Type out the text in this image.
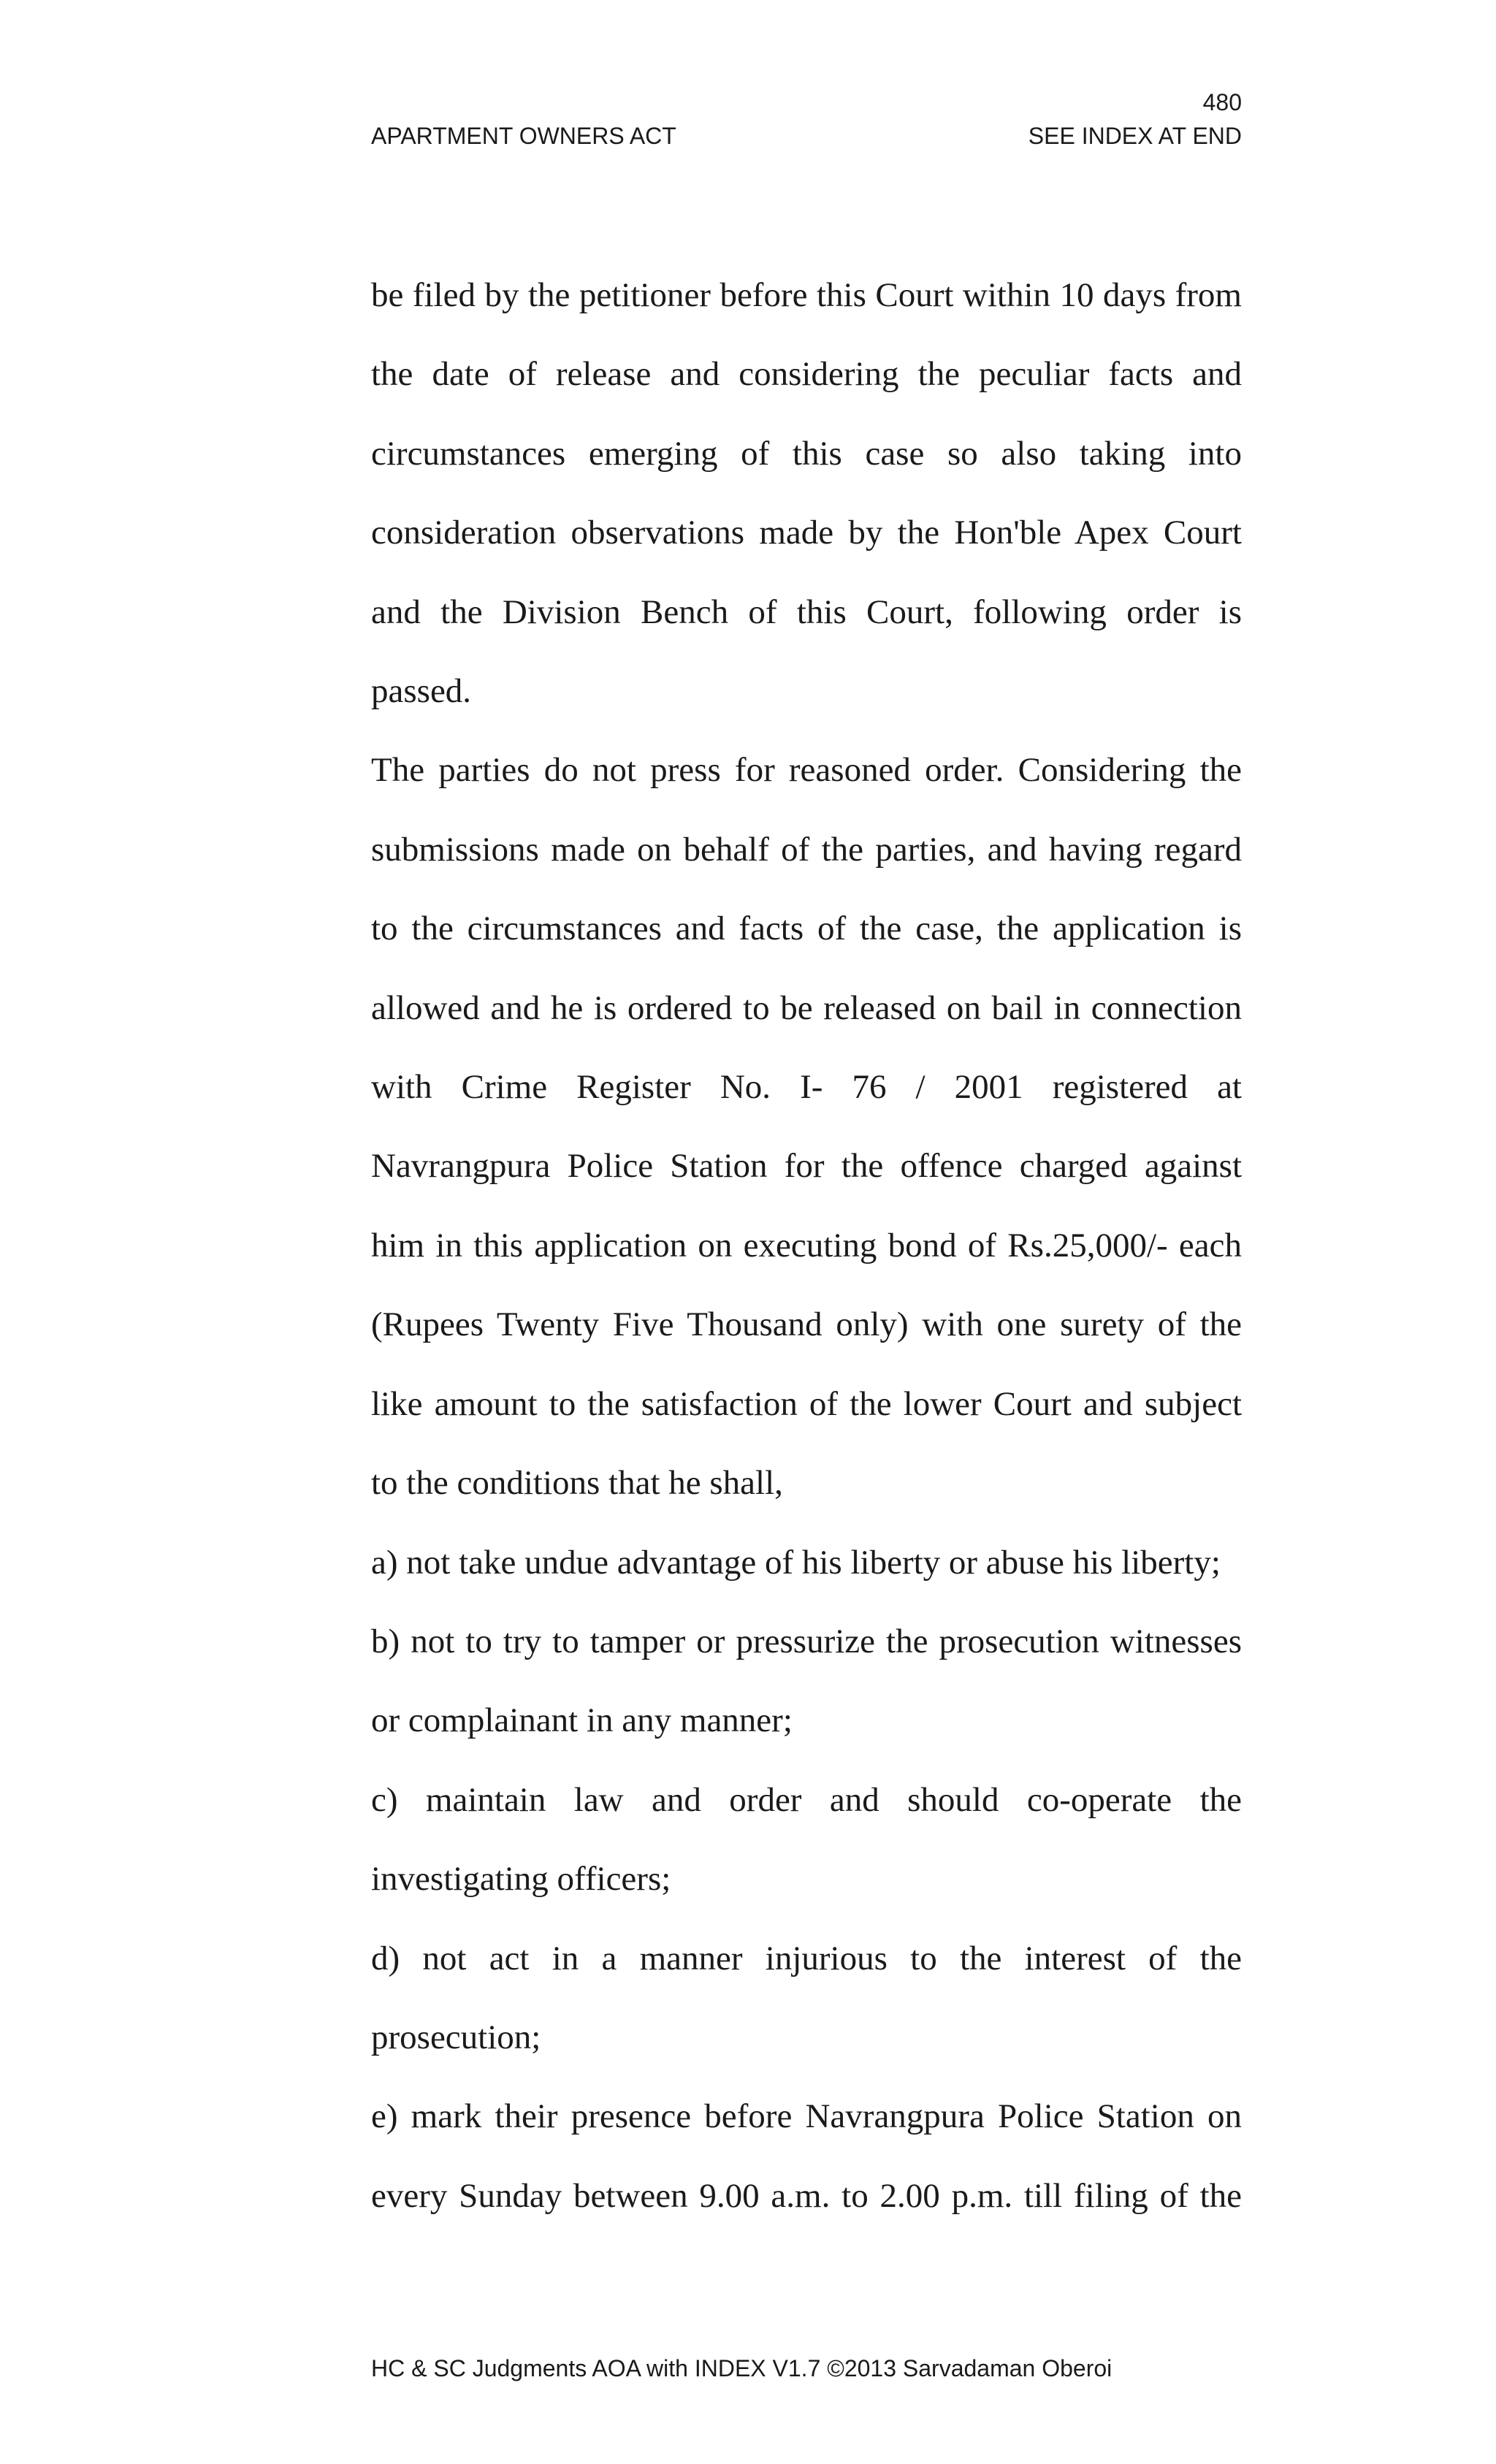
480
APARTMENT OWNERS ACT	SEE INDEX AT END

be filed by the petitioner before this Court within 10 days from the date of release and considering the peculiar facts and circumstances emerging of this case so also taking into consideration observations made by the Hon'ble Apex Court and the Division Bench of this Court, following order is passed.

The parties do not press for reasoned order. Considering the submissions made on behalf of the parties, and having regard to the circumstances and facts of the case, the application is allowed and he is ordered to be released on bail in connection with Crime Register No. I- 76 / 2001 registered at Navrangpura Police Station for the offence charged against him in this application on executing bond of Rs.25,000/- each (Rupees Twenty Five Thousand only) with one surety of the like amount to the satisfaction of the lower Court and subject to the conditions that he shall,

a) not take undue advantage of his liberty or abuse his liberty;

b) not to try to tamper or pressurize the prosecution witnesses or complainant in any manner;

c) maintain law and order and should co-operate the investigating officers;

d) not act in a manner injurious to the interest of the prosecution;

e) mark their presence before Navrangpura Police Station on every Sunday between 9.00 a.m. to 2.00 p.m. till filing of the

HC & SC Judgments AOA with INDEX V1.7 ©2013 Sarvadaman Oberoi
